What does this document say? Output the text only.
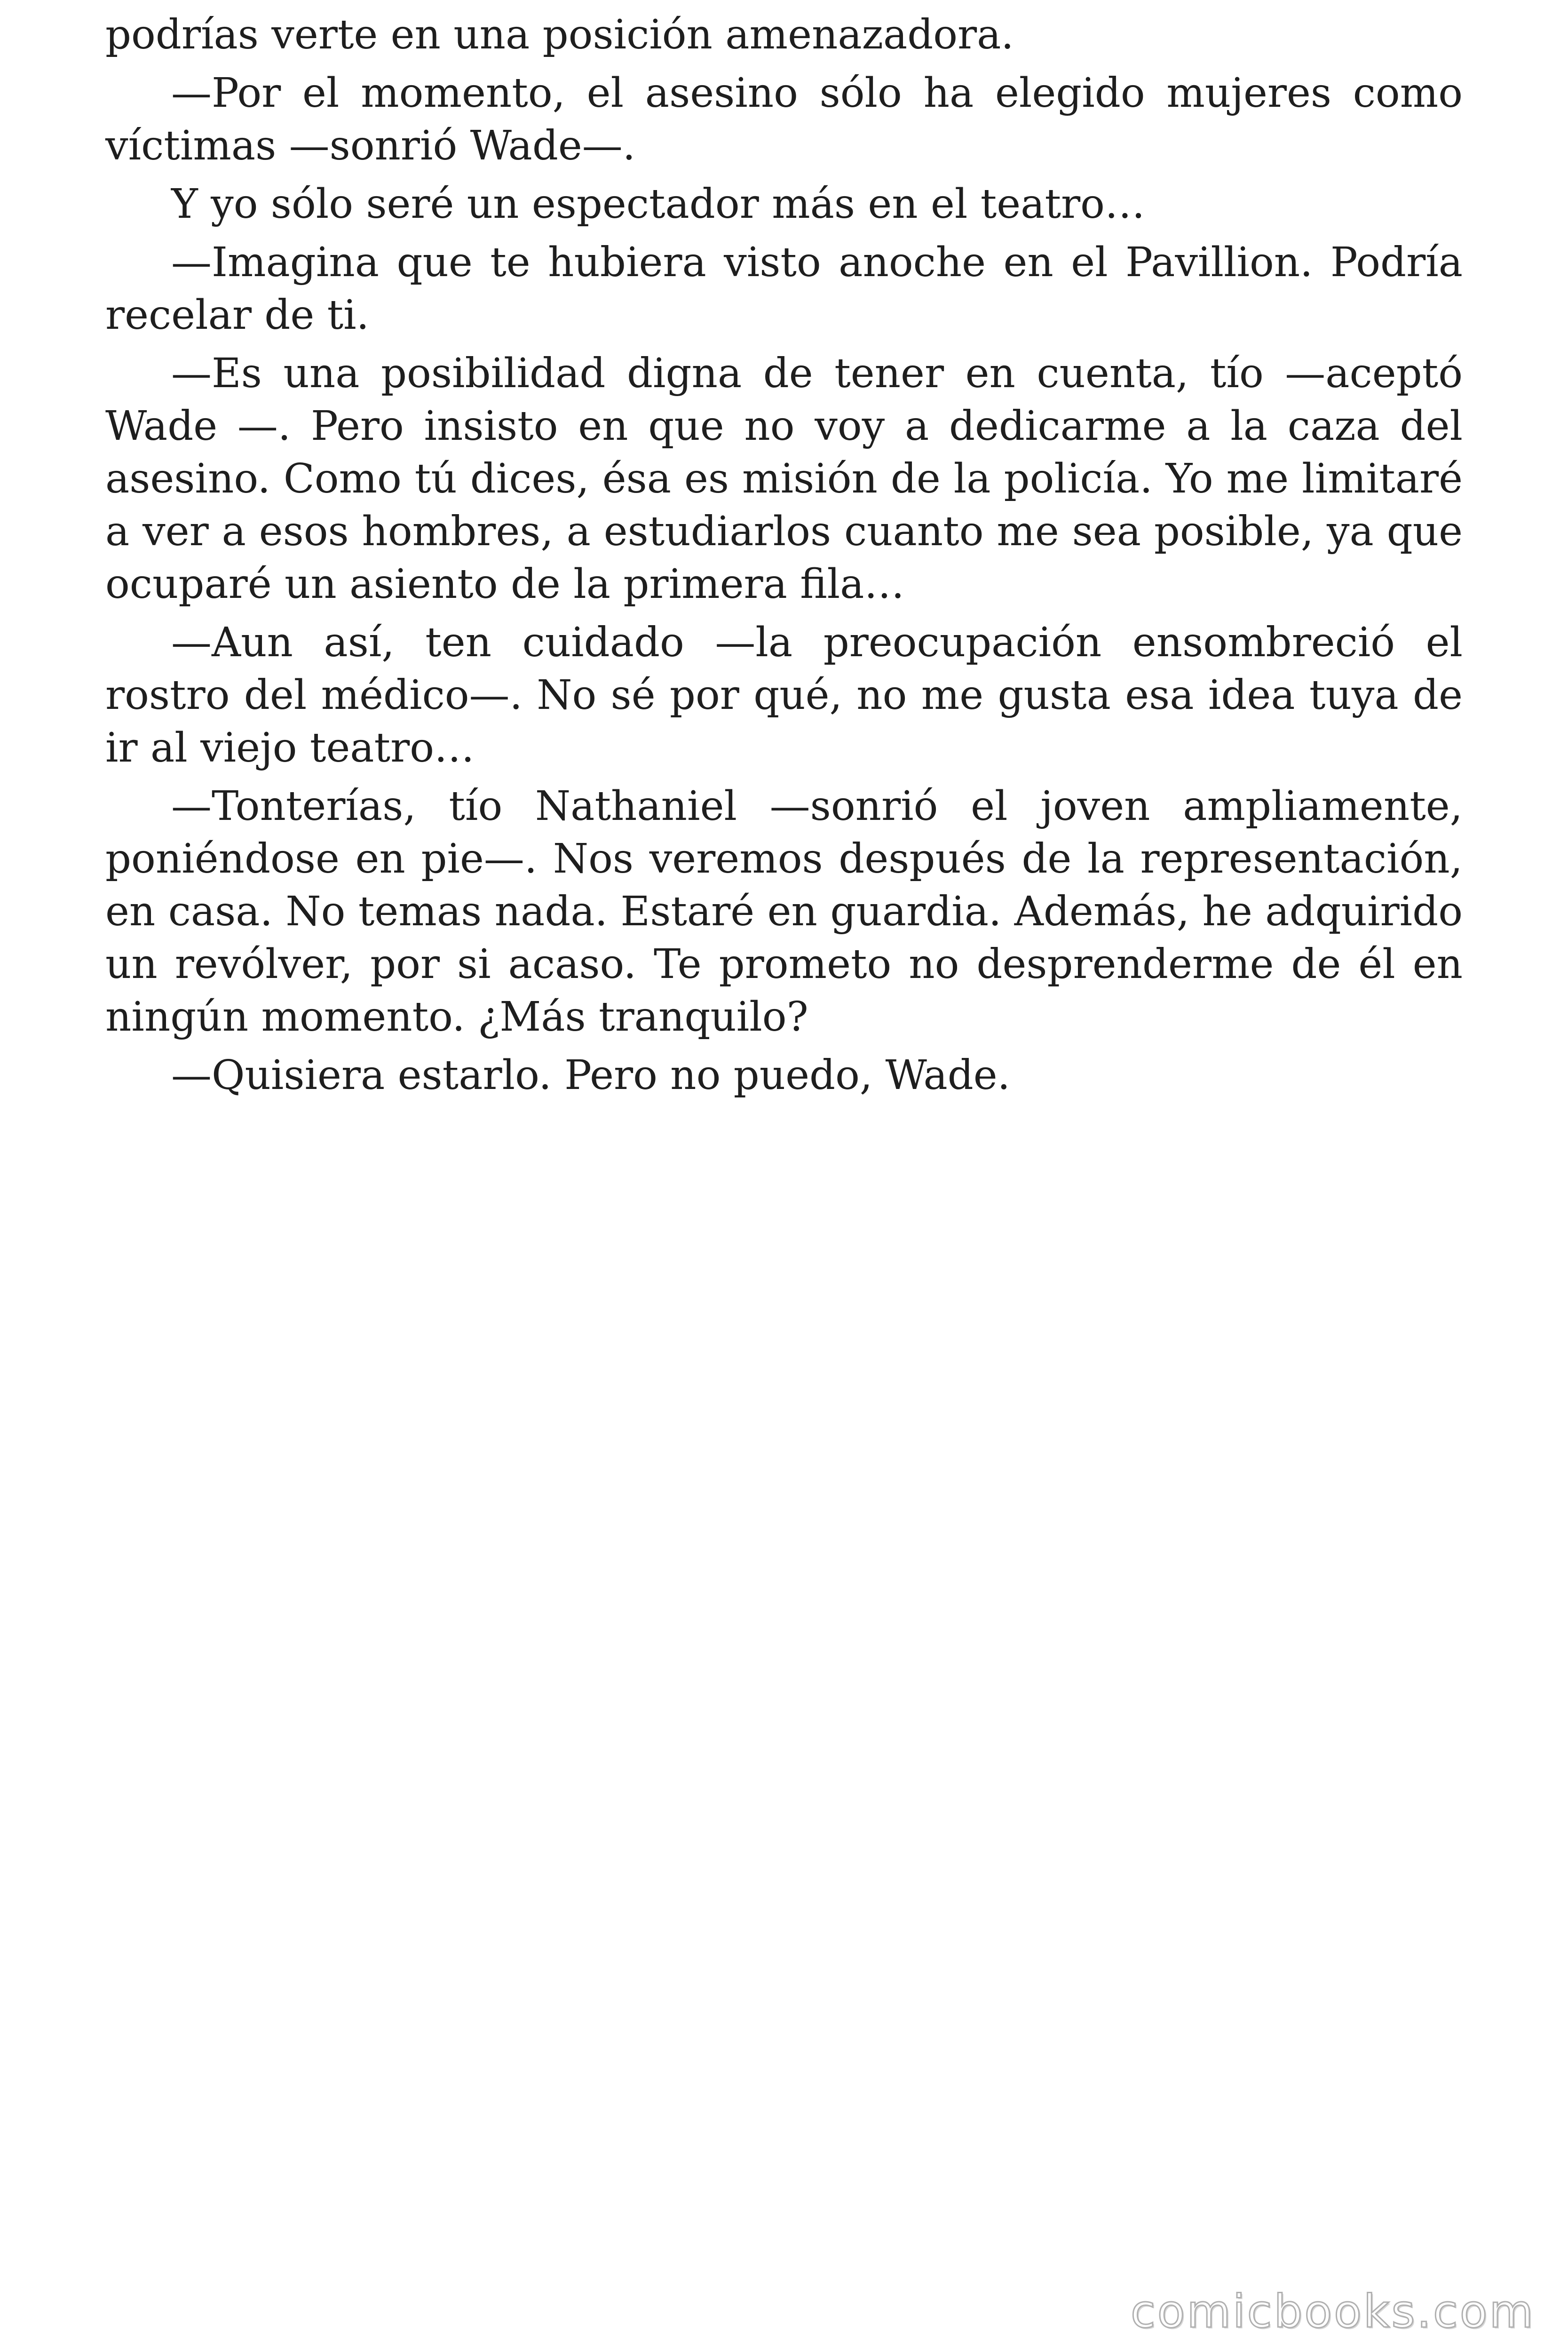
podrías verte en una posición amenazadora.

—Por el momento, el asesino sólo ha elegido mujeres como víctimas —sonrió Wade—.

Y yo sólo seré un espectador más en el teatro…

—Imagina que te hubiera visto anoche en el Pavillion. Podría recelar de ti.

—Es una posibilidad digna de tener en cuenta, tío —aceptó Wade —. Pero insisto en que no voy a dedicarme a la caza del asesino. Como tú dices, ésa es misión de la policía. Yo me limitaré a ver a esos hombres, a estudiarlos cuanto me sea posible, ya que ocuparé un asiento de la primera fila…

—Aun así, ten cuidado —la preocupación ensombreció el rostro del médico—. No sé por qué, no me gusta esa idea tuya de ir al viejo teatro…

—Tonterías, tío Nathaniel —sonrió el joven ampliamente, poniéndose en pie—. Nos veremos después de la representación, en casa. No temas nada. Estaré en guardia. Además, he adquirido un revólver, por si acaso. Te prometo no desprenderme de él en ningún momento. ¿Más tranquilo?

—Quisiera estarlo. Pero no puedo, Wade.

comicbooks.com
